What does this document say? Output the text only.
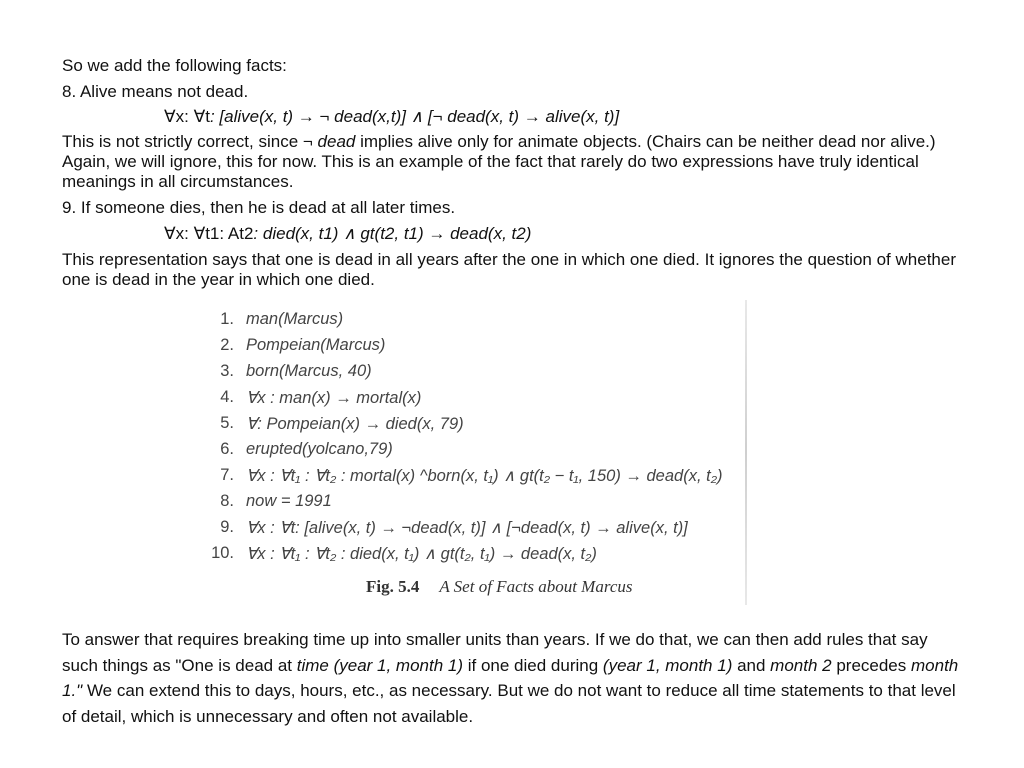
So we add the following facts:
8. Alive means not dead.
∀x: ∀t: [alive(x, t) → ¬ dead(x,t)] ∧ [¬ dead(x, t) → alive(x, t)]
This is not strictly correct, since ¬ dead implies alive only for animate objects. (Chairs can be neither dead nor alive.) Again, we will ignore, this for now. This is an example of the fact that rarely do two expressions have truly identical meanings in all circumstances.
9. If someone dies, then he is dead at all later times.
∀x: ∀t1: At2: died(x, t1) ∧ gt(t2, t1) → dead(x, t2)
This representation says that one is dead in all years after the one in which one died. It ignores the question of whether one is dead in the year in which one died.
1. man(Marcus)
2. Pompeian(Marcus)
3. born(Marcus, 40)
4. ∀x : man(x) → mortal(x)
5. ∀: Pompeian(x) → died(x, 79)
6. erupted(yolcano,79)
7. ∀x : ∀t₁ : ∀t₂ : mortal(x) ^born(x, t₁) ∧ gt(t₂ − t₁, 150) → dead(x, t₂)
8. now = 1991
9. ∀x : ∀t: [alive(x, t) → ¬dead(x, t)] ∧ [¬dead(x, t) → alive(x, t)]
10. ∀x : ∀t₁ : ∀t₂ : died(x, t₁) ∧ gt(t₂, t₁) → dead(x, t₂)
Fig. 5.4 A Set of Facts about Marcus
To answer that requires breaking time up into smaller units than years. If we do that, we can then add rules that say such things as "One is dead at time (year 1, month 1) if one died during (year 1, month 1) and month 2 precedes month 1." We can extend this to days, hours, etc., as necessary. But we do not want to reduce all time statements to that level of detail, which is unnecessary and often not available.
